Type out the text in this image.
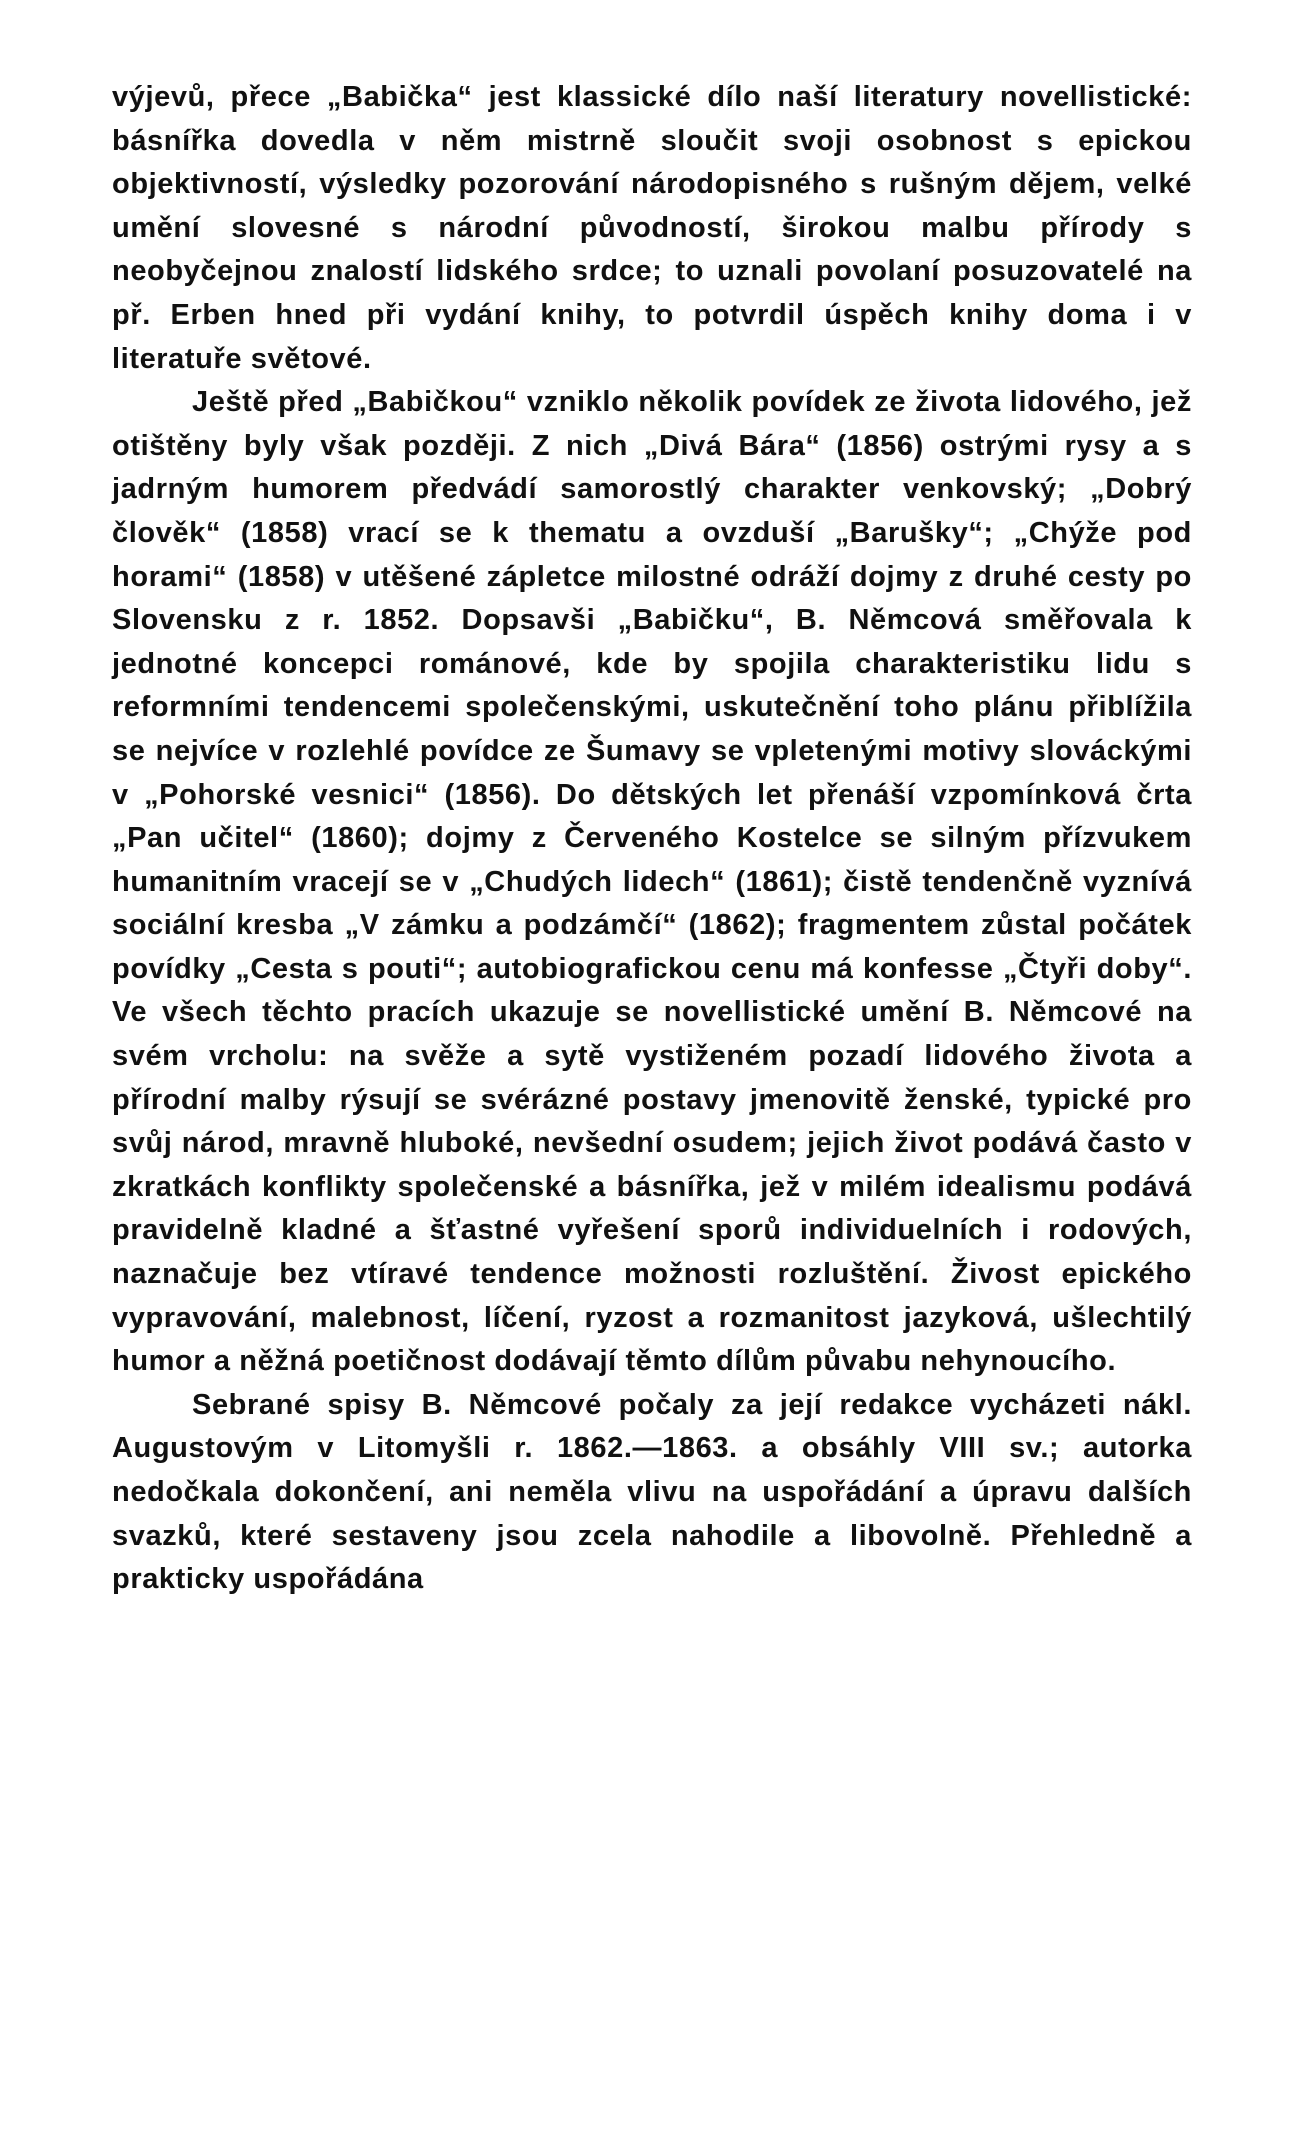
výjevů, přece „Babička“ jest klassické dílo naší literatury novellistické: básnířka dovedla v něm mistrně sloučit svoji osobnost s epickou objektivností, výsledky pozorování národopisného s rušným dějem, velké umění slovesné s národní původností, širokou malbu přírody s neobyčejnou znalostí lidského srdce; to uznali povolaní posuzovatelé na př. Erben hned při vydání knihy, to potvrdil úspěch knihy doma i v literatuře světové.

Ještě před „Babičkou“ vzniklo několik povídek ze života lidového, jež otištěny byly však později. Z nich „Divá Bára“ (1856) ostrými rysy a s jadrným humorem předvádí samorostlý charakter venkovský; „Dobrý člověk“ (1858) vrací se k thematu a ovzduší „Barušky“; „Chýže pod horami“ (1858) v utěšené zápletce milostné odráží dojmy z druhé cesty po Slovensku z r. 1852. Dopsavši „Babičku“, B. Němcová směřovala k jednotné koncepci románové, kde by spojila charakteristiku lidu s reformními tendencemi společenskými, uskutečnění toho plánu přiblížila se nejvíce v rozlehlé povídce ze Šumavy se vpletenými motivy slováckými v „Pohorské vesnici“ (1856). Do dětských let přenáší vzpomínková črta „Pan učitel“ (1860); dojmy z Červeného Kostelce se silným přízvukem humanitním vracejí se v „Chudých lidech“ (1861); čistě tendenčně vyznívá sociální kresba „V zámku a podzámčí“ (1862); fragmentem zůstal počátek povídky „Cesta s pouti“; autobiografickou cenu má konfesse „Čtyři doby“. Ve všech těchto pracích ukazuje se novellistické umění B. Němcové na svém vrcholu: na svěže a sytě vystiženém pozadí lidového života a přírodní malby rýsují se svérázné postavy jmenovitě ženské, typické pro svůj národ, mravně hluboké, nevšední osudem; jejich život podává často v zkratkách konflikty společenské a básnířka, jež v milém idealismu podává pravidelně kladné a šťastné vyřešení sporů individuelních i rodových, naznačuje bez vtíravé tendence možnosti rozluštění. Živost epického vypravování, malebnost, líčení, ryzost a rozmanitost jazyková, ušlechtilý humor a něžná poetičnost dodávají těmto dílům půvabu nehynoucího.

Sebrané spisy B. Němcové počaly za její redakce vycházeti nákl. Augustovým v Litomyšli r. 1862.—1863. a obsáhly VIII sv.; autorka nedočkala dokončení, ani neměla vlivu na uspořádání a úpravu dalších svazků, které sestaveny jsou zcela nahodile a libovolně. Přehledně a prakticky uspořádána
